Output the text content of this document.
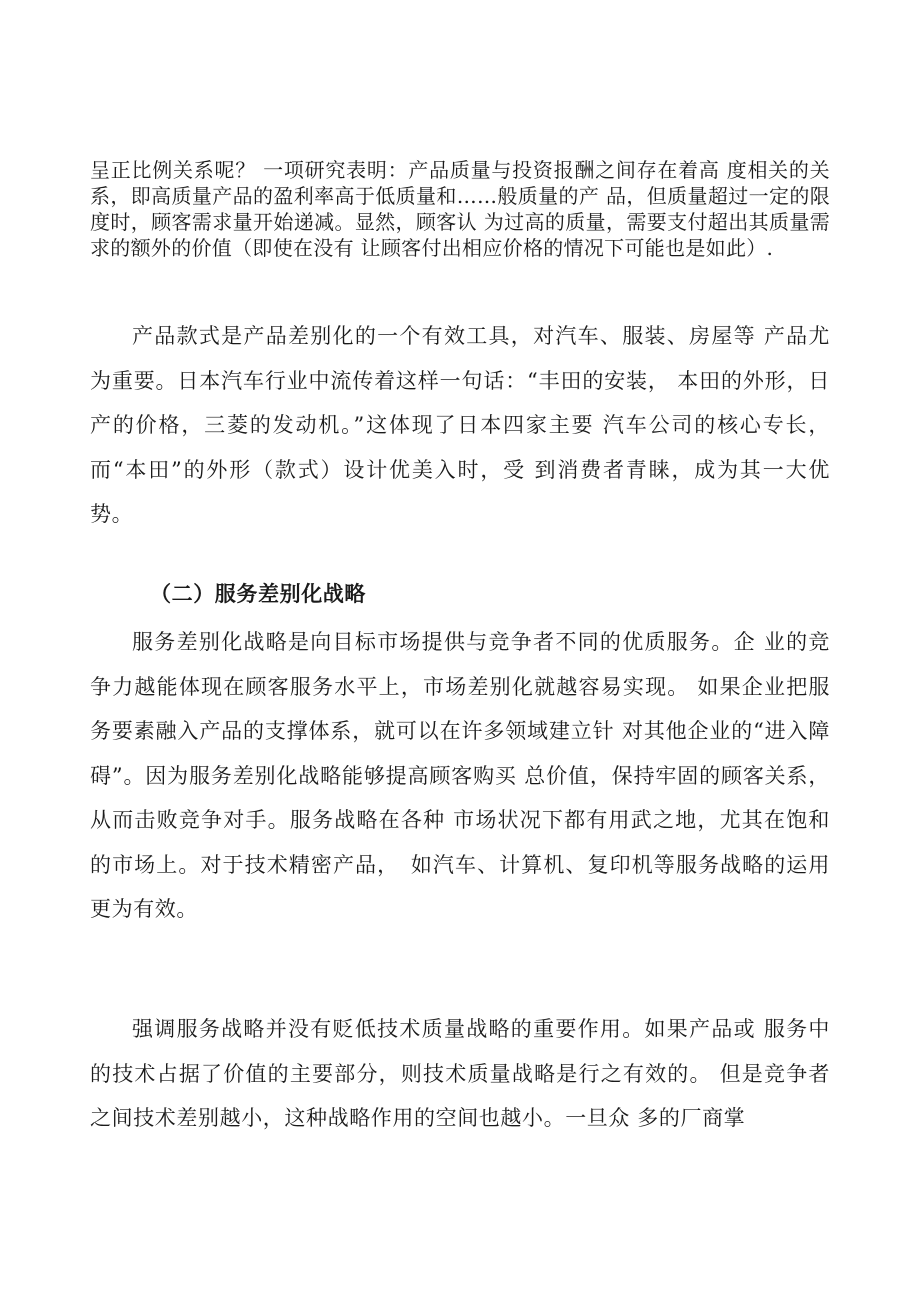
呈正比例关系呢？ 一项研究表明：产品质量与投资报酬之间存在着高 度相关的关系，即高质量产品的盈利率高于低质量和……般质量的产 品，但质量超过一定的限度时，顾客需求量开始递减。显然，顾客认 为过高的质量，需要支付超出其质量需求的额外的价值（即使在没有 让顾客付出相应价格的情况下可能也是如此）.

产品款式是产品差别化的一个有效工具，对汽车、服装、房屋等 产品尤为重要。日本汽车行业中流传着这样一句话：“丰田的安装， 本田的外形，日产的价格，三菱的发动机。”这体现了日本四家主要 汽车公司的核心专长，而“本田”的外形（款式）设计优美入时，受 到消费者青睐，成为其一大优势。

（二）服务差别化战略

服务差别化战略是向目标市场提供与竞争者不同的优质服务。企 业的竞争力越能体现在顾客服务水平上，市场差别化就越容易实现。 如果企业把服务要素融入产品的支撑体系，就可以在许多领域建立针 对其他企业的“进入障碍”。因为服务差别化战略能够提高顾客购买 总价值，保持牢固的顾客关系，从而击败竞争对手。服务战略在各种 市场状况下都有用武之地，尤其在饱和的市场上。对于技术精密产品，　如汽车、计算机、复印机等服务战略的运用更为有效。

强调服务战略并没有贬低技术质量战略的重要作用。如果产品或 服务中的技术占据了价值的主要部分，则技术质量战略是行之有效的。 但是竞争者之间技术差别越小，这种战略作用的空间也越小。一旦众 多的厂商掌
